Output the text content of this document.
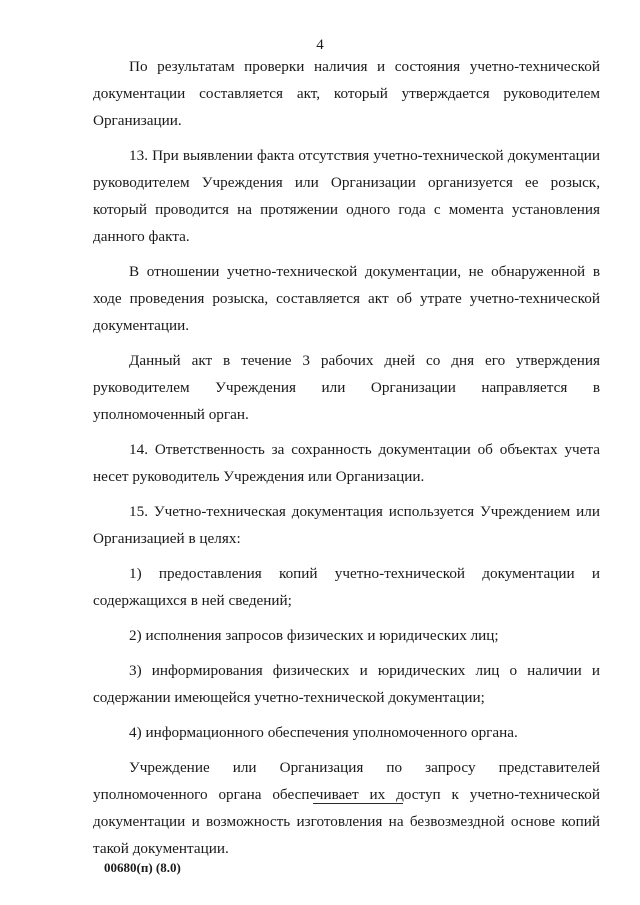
4

По результатам проверки наличия и состояния учетно-технической документации составляется акт, который утверждается руководителем Организации.

13. При выявлении факта отсутствия учетно-технической документации руководителем Учреждения или Организации организуется ее розыск, который проводится на протяжении одного года с момента установления данного факта.

В отношении учетно-технической документации, не обнаруженной в ходе проведения розыска, составляется акт об утрате учетно-технической документации.

Данный акт в течение 3 рабочих дней со дня его утверждения руководителем Учреждения или Организации направляется в уполномоченный орган.

14. Ответственность за сохранность документации об объектах учета несет руководитель Учреждения или Организации.

15. Учетно-техническая документация используется Учреждением или Организацией в целях:

1) предоставления копий учетно-технической документации и содержащихся в ней сведений;

2) исполнения запросов физических и юридических лиц;

3) информирования физических и юридических лиц о наличии и содержании имеющейся учетно-технической документации;

4) информационного обеспечения уполномоченного органа.

Учреждение или Организация по запросу представителей уполномоченного органа обеспечивает их доступ к учетно-технической документации и возможность изготовления на безвозмездной основе копий такой документации.

00680(п) (8.0)
